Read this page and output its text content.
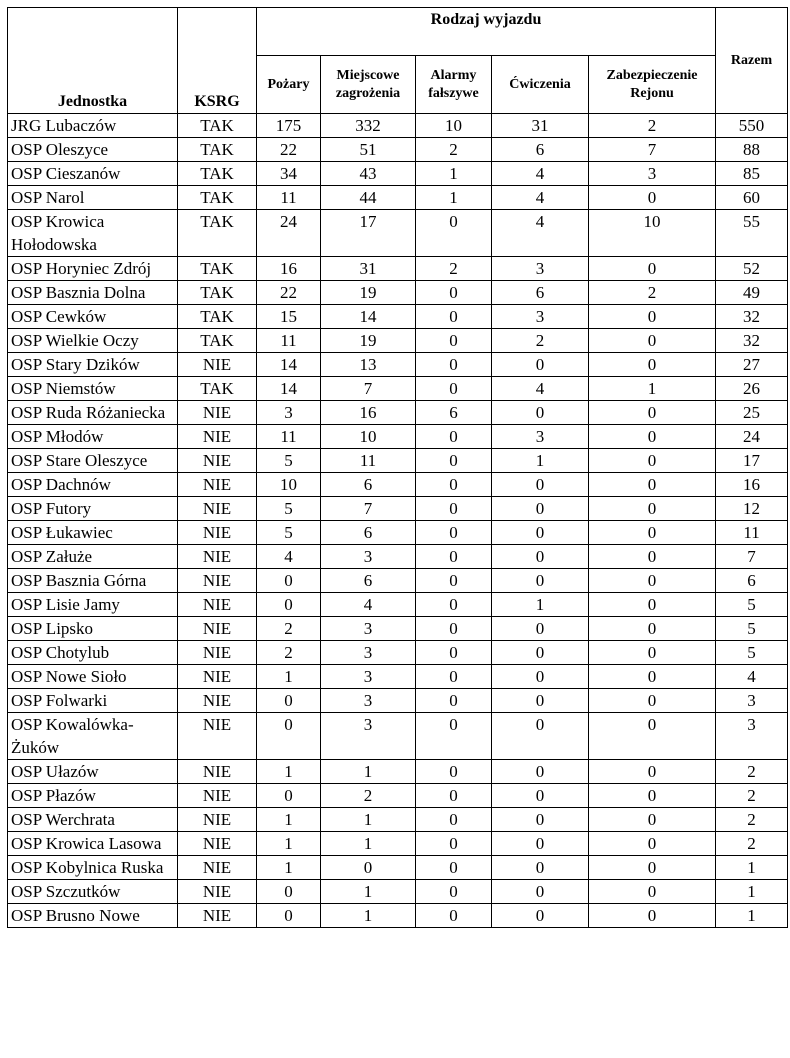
Jednostka	KSRG	Rodzaj wyjazdu					Razem
		Pożary	Miejscowe zagrożenia	Alarmy fałszywe	Ćwiczenia	Zabezpieczenie Rejonu	
JRG Lubaczów	TAK	175	332	10	31	2	550
OSP Oleszyce	TAK	22	51	2	6	7	88
OSP Cieszanów	TAK	34	43	1	4	3	85
OSP Narol	TAK	11	44	1	4	0	60
OSP Krowica Hołodowska	TAK	24	17	0	4	10	55
OSP Horyniec Zdrój	TAK	16	31	2	3	0	52
OSP Basznia Dolna	TAK	22	19	0	6	2	49
OSP Cewków	TAK	15	14	0	3	0	32
OSP Wielkie Oczy	TAK	11	19	0	2	0	32
OSP Stary Dzików	NIE	14	13	0	0	0	27
OSP Niemstów	TAK	14	7	0	4	1	26
OSP Ruda Różaniecka	NIE	3	16	6	0	0	25
OSP Młodów	NIE	11	10	0	3	0	24
OSP Stare Oleszyce	NIE	5	11	0	1	0	17
OSP Dachnów	NIE	10	6	0	0	0	16
OSP Futory	NIE	5	7	0	0	0	12
OSP Łukawiec	NIE	5	6	0	0	0	11
OSP Załuże	NIE	4	3	0	0	0	7
OSP Basznia Górna	NIE	0	6	0	0	0	6
OSP Lisie Jamy	NIE	0	4	0	1	0	5
OSP Lipsko	NIE	2	3	0	0	0	5
OSP Chotylub	NIE	2	3	0	0	0	5
OSP Nowe Sioło	NIE	1	3	0	0	0	4
OSP Folwarki	NIE	0	3	0	0	0	3
OSP Kowalówka-Żuków	NIE	0	3	0	0	0	3
OSP Ułazów	NIE	1	1	0	0	0	2
OSP Płazów	NIE	0	2	0	0	0	2
OSP Werchrata	NIE	1	1	0	0	0	2
OSP Krowica Lasowa	NIE	1	1	0	0	0	2
OSP Kobylnica Ruska	NIE	1	0	0	0	0	1
OSP Szczutków	NIE	0	1	0	0	0	1
OSP Brusno Nowe	NIE	0	1	0	0	0	1
